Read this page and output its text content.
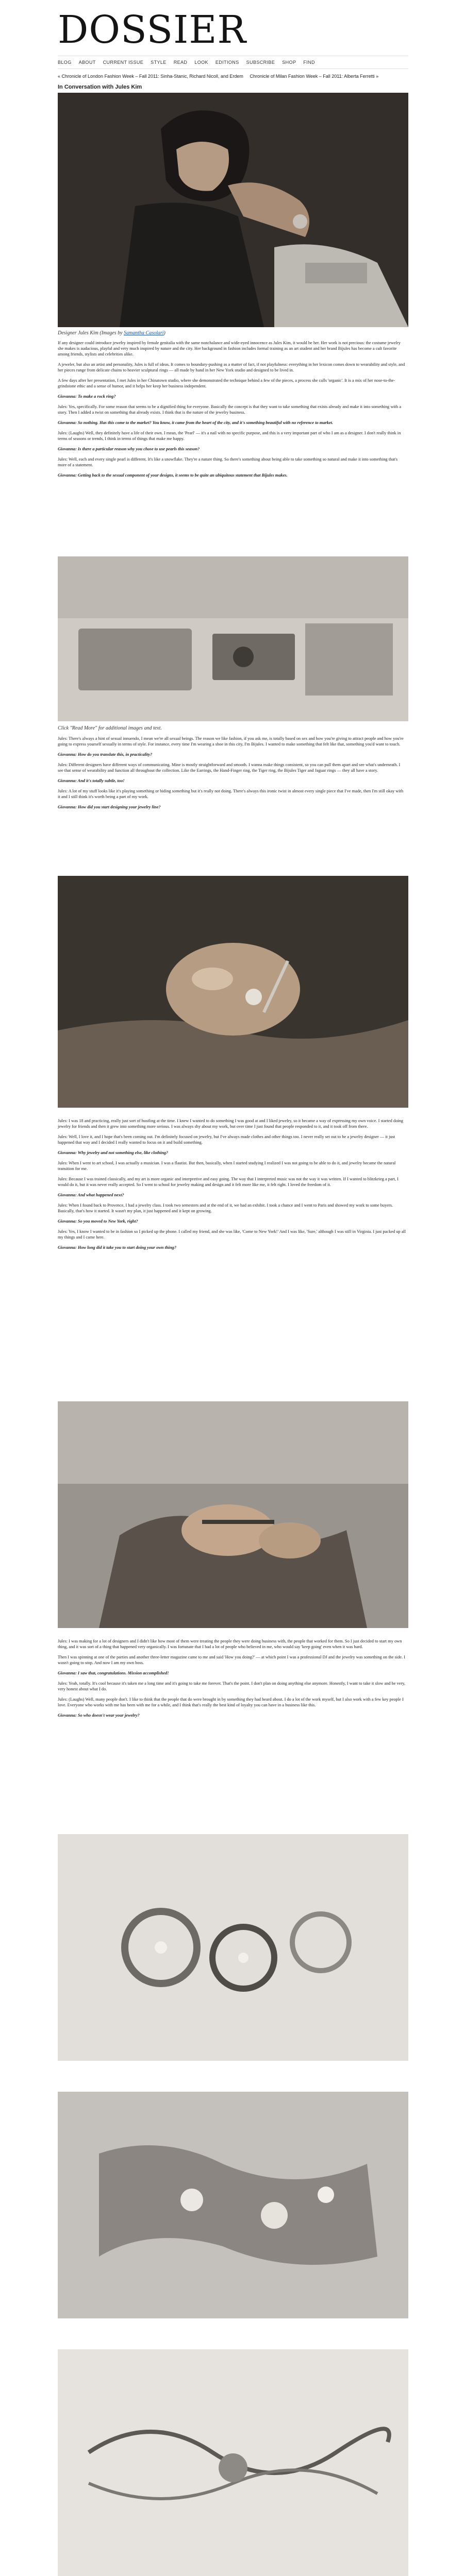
DOSSIER
BLOG ABOUT CURRENT ISSUE STYLE READ LOOK EDITIONS SUBSCRIBE SHOP FIND
« Chronicle of London Fashion Week – Fall 2011: Sinha-Stanic, Richard Nicoll, and Erdem Chronicle of Milan Fashion Week – Fall 2011: Alberta Ferretti »
In Conversation with Jules Kim
Designer Jules Kim (Images by Samantha Casolari)

If any designer could introduce jewelry inspired by female genitalia with the same nonchalance and wide-eyed innocence as Jules Kim, it would be her. Her work is not precious: the costume jewelry she makes is audacious, playful and very much inspired by nature and the city. Her background in fashion includes formal training as an art student and her brand Bijules has become a cult favorite among friends, stylists and celebrities alike.

A jeweler, but also an artist and personality, Jules is full of ideas. It comes to boundary-pushing as a matter of fact, if not playfulness: everything in her lexicon comes down to wearability and style, and her pieces range from delicate chains to heavier sculptural rings — all made by hand in her New York studio and designed to be lived in.

A few days after her presentation, I met Jules in her Chinatown studio, where she demonstrated the technique behind a few of the pieces, a process she calls 'organic'. It is a mix of her nose-to-the-grindstone ethic and a sense of humor, and it helps her keep her business independent.

Giovanna: To make a rock ring?

Jules: Yes, specifically. For some reason that seems to be a dignified thing for everyone. Basically the concept is that they want to take something that exists already and make it into something with a story. Then I added a twist on something that already exists. I think that is the nature of the jewelry business.

Giovanna: So nothing. Has this come to the market? You know, it came from the heart of the city, and it's something beautiful with no reference to market.

Jules: (Laughs) Well, they definitely have a life of their own. I mean, the 'Pearl' — it's a nail with no specific purpose, and this is a very important part of who I am as a designer. I don't really think in terms of seasons or trends, I think in terms of things that make me happy.

Giovanna: Is there a particular reason why you chose to use pearls this season?

Jules: Well, each and every single pearl is different. It's like a snowflake. They're a nature thing. So there's something about being able to take something so natural and make it into something that's more of a statement.

Giovanna: Getting back to the sexual component of your designs, it seems to be quite an ubiquitous statement that Bijules makes.

Click "Read More" for additional images and text.

Jules: There's always a hint of sexual innuendo, I mean we're all sexual beings. The reason we like fashion, if you ask me, is totally based on sex and how you're giving to attract people and how you're going to express yourself sexually in terms of style. For instance, every time I'm wearing a shoe in this city, I'm Bijules. I wanted to make something that felt like that, something you'd want to touch.

Giovanna: How do you translate this, in practicality?

Jules: Different designers have different ways of communicating. Mine is mostly straightforward and smooth. I wanna make things consistent, so you can pull them apart and see what's underneath. I see that sense of wearability and function all throughout the collection. Like the Earrings, the Hand-Finger ring, the Tiger ring, the Bijules Tiger and Jaguar rings — they all have a story.

Giovanna: And it's totally subtle, too!

Jules: A lot of my stuff looks like it's playing something or hiding something but it's really not doing. There's always this ironic twist in almost every single piece that I've made, then I'm still okay with it and I still think it's worth being a part of my work.

Giovanna: How did you start designing your jewelry line?

Jules: I was 18 and practicing, really just sort of hustling at the time. I knew I wanted to do something I was good at and I liked jewelry, so it became a way of expressing my own voice. I started doing jewelry for friends and then it grew into something more serious. I was always shy about my work, but over time I just found that people responded to it, and it took off from there.

Jules: Well, I love it, and I hope that's been coming out. I'm definitely focused on jewelry, but I've always made clothes and other things too. I never really set out to be a jewelry designer — it just happened that way and I decided I really wanted to focus on it and build something.

Giovanna: Why jewelry and not something else, like clothing?

Jules: When I went to art school, I was actually a musician. I was a flautist. But then, basically, when I started studying I realized I was not going to be able to do it, and jewelry became the natural transition for me.

Jules: Because I was trained classically, and my art is more organic and interpretive and easy going. The way that I interpreted music was not the way it was written. If I wanted to blitzkrieg a part, I would do it, but it was never really accepted. So I went to school for jewelry making and design and it felt more like me, it felt right. I loved the freedom of it.

Giovanna: And what happened next?

Jules: When I found back to Provence, I had a jewelry class. I took two semesters and at the end of it, we had an exhibit. I took a chance and I went to Paris and showed my work to some buyers. Basically, that's how it started. It wasn't my plan, it just happened and it kept on growing.

Giovanna: So you moved to New York, right?

Jules: Yes, I know I wanted to be in fashion so I picked up the phone. I called my friend, and she was like, 'Come to New York!' And I was like, 'Sure,' although I was still in Virginia. I just packed up all my things and I came here.

Giovanna: How long did it take you to start doing your own thing?

Jules: I was making for a lot of designers and I didn't like how most of them were treating the people they were doing business with, the people that worked for them. So I just decided to start my own thing, and it was sort of a thing that happened very organically. I was fortunate that I had a lot of people who believed in me, who would say 'keep going' even when it was hard.

Then I was spinning at one of the parties and another three-letter magazine came to me and said 'How you doing?' — at which point I was a professional DJ and the jewelry was something on the side. I wasn't going to stop. And now I am my own boss.

Giovanna: I saw that, congratulations. Mission accomplished!

Jules: Yeah, totally. It's cool because it's taken me a long time and it's going to take me forever. That's the point. I don't plan on doing anything else anymore. Honestly, I want to take it slow and be very, very honest about what I do.

Jules: (Laughs) Well, many people don't. I like to think that the people that do were brought in by something they had heard about. I do a lot of the work myself, but I also work with a few key people I love. Everyone who works with me has been with me for a while, and I think that's really the best kind of loyalty you can have in a business like this.

Giovanna: So who doesn't wear your jewelry?
